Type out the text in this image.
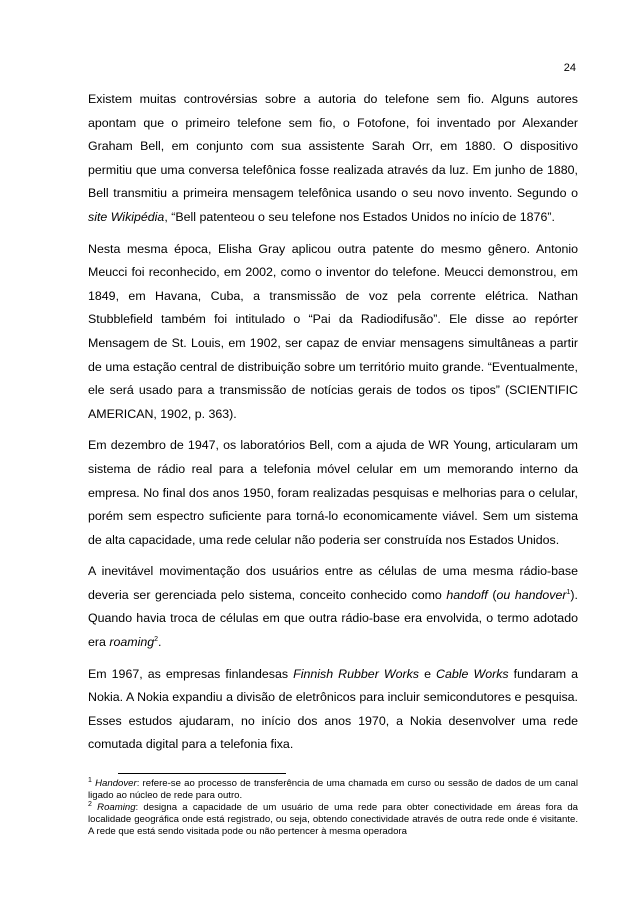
24

Existem muitas controvérsias sobre a autoria do telefone sem fio. Alguns autores apontam que o primeiro telefone sem fio, o Fotofone, foi inventado por Alexander Graham Bell, em conjunto com sua assistente Sarah Orr, em 1880. O dispositivo permitiu que uma conversa telefônica fosse realizada através da luz. Em junho de 1880, Bell transmitiu a primeira mensagem telefônica usando o seu novo invento. Segundo o site Wikipédia, “Bell patenteou o seu telefone nos Estados Unidos no início de 1876”.

Nesta mesma época, Elisha Gray aplicou outra patente do mesmo gênero. Antonio Meucci foi reconhecido, em 2002, como o inventor do telefone. Meucci demonstrou, em 1849, em Havana, Cuba, a transmissão de voz pela corrente elétrica. Nathan Stubblefield também foi intitulado o “Pai da Radiodifusão”. Ele disse ao repórter Mensagem de St. Louis, em 1902, ser capaz de enviar mensagens simultâneas a partir de uma estação central de distribuição sobre um território muito grande. “Eventualmente, ele será usado para a transmissão de notícias gerais de todos os tipos” (SCIENTIFIC AMERICAN, 1902, p. 363).

Em dezembro de 1947, os laboratórios Bell, com a ajuda de WR Young, articularam um sistema de rádio real para a telefonia móvel celular em um memorando interno da empresa. No final dos anos 1950, foram realizadas pesquisas e melhorias para o celular, porém sem espectro suficiente para torná-lo economicamente viável. Sem um sistema de alta capacidade, uma rede celular não poderia ser construída nos Estados Unidos.

A inevitável movimentação dos usuários entre as células de uma mesma rádio-base deveria ser gerenciada pelo sistema, conceito conhecido como handoff (ou handover$^1$). Quando havia troca de células em que outra rádio-base era envolvida, o termo adotado era roaming$^2$.

Em 1967, as empresas finlandesas Finnish Rubber Works e Cable Works fundaram a Nokia. A Nokia expandiu a divisão de eletrônicos para incluir semicondutores e pesquisa. Esses estudos ajudaram, no início dos anos 1970, a Nokia desenvolver uma rede comutada digital para a telefonia fixa.

$^1$ Handover: refere-se ao processo de transferência de uma chamada em curso ou sessão de dados de um canal ligado ao núcleo de rede para outro.

$^2$ Roaming: designa a capacidade de um usuário de uma rede para obter conectividade em áreas fora da localidade geográfica onde está registrado, ou seja, obtendo conectividade através de outra rede onde é visitante. A rede que está sendo visitada pode ou não pertencer à mesma operadora
